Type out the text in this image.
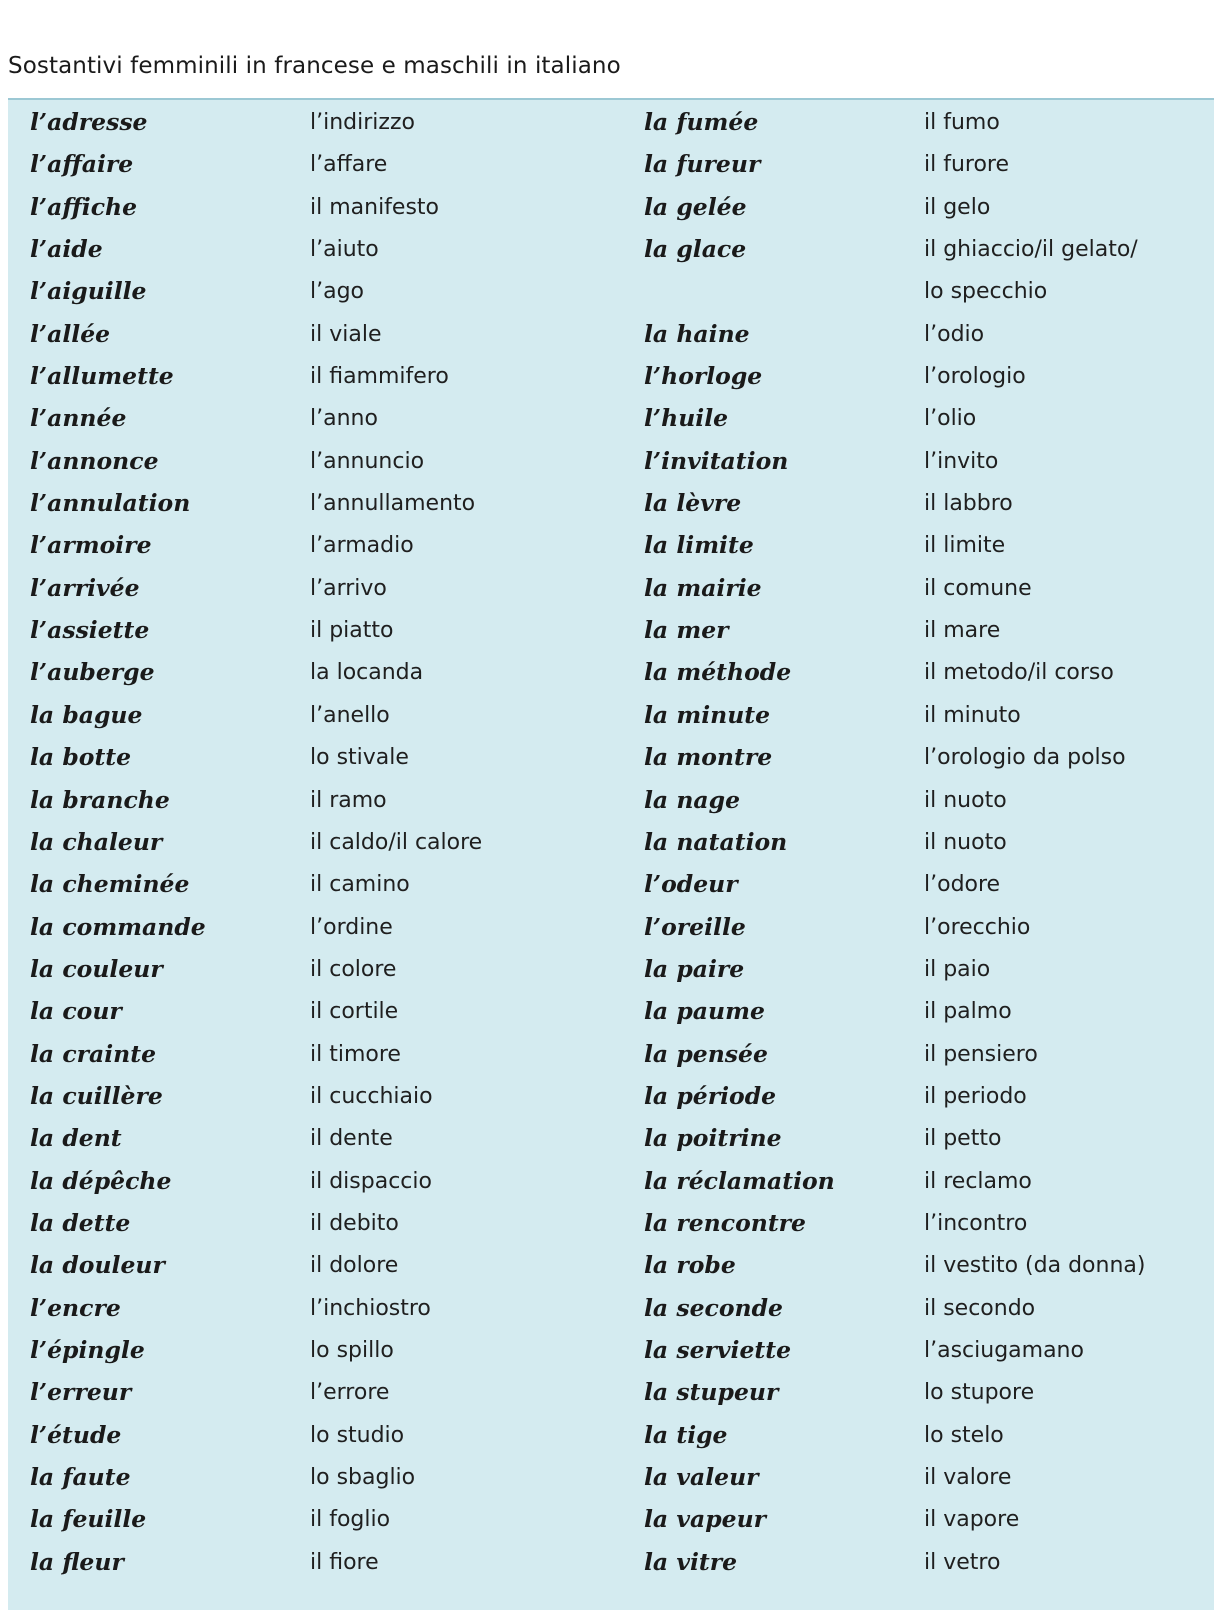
Sostantivi femminili in francese e maschili in italiano
l’adresse	l’indirizzo
l’affaire	l’affare
l’affiche	il manifesto
l’aide	l’aiuto
l’aiguille	l’ago
l’allée	il viale
l’allumette	il fiammifero
l’année	l’anno
l’annonce	l’annuncio
l’annulation	l’annullamento
l’armoire	l’armadio
l’arrivée	l’arrivo
l’assiette	il piatto
l’auberge	la locanda
la bague	l’anello
la botte	lo stivale
la branche	il ramo
la chaleur	il caldo/il calore
la cheminée	il camino
la commande	l’ordine
la couleur	il colore
la cour	il cortile
la crainte	il timore
la cuillère	il cucchiaio
la dent	il dente
la dépêche	il dispaccio
la dette	il debito
la douleur	il dolore
l’encre	l’inchiostro
l’épingle	lo spillo
l’erreur	l’errore
l’étude	lo studio
la faute	lo sbaglio
la feuille	il foglio
la fleur	il fiore
la fumée	il fumo
la fureur	il furore
la gelée	il gelo
la glace	il ghiaccio/il gelato/
lo specchio
la haine	l’odio
l’horloge	l’orologio
l’huile	l’olio
l’invitation	l’invito
la lèvre	il labbro
la limite	il limite
la mairie	il comune
la mer	il mare
la méthode	il metodo/il corso
la minute	il minuto
la montre	l’orologio da polso
la nage	il nuoto
la natation	il nuoto
l’odeur	l’odore
l’oreille	l’orecchio
la paire	il paio
la paume	il palmo
la pensée	il pensiero
la période	il periodo
la poitrine	il petto
la réclamation	il reclamo
la rencontre	l’incontro
la robe	il vestito (da donna)
la seconde	il secondo
la serviette	l’asciugamano
la stupeur	lo stupore
la tige	lo stelo
la valeur	il valore
la vapeur	il vapore
la vitre	il vetro
